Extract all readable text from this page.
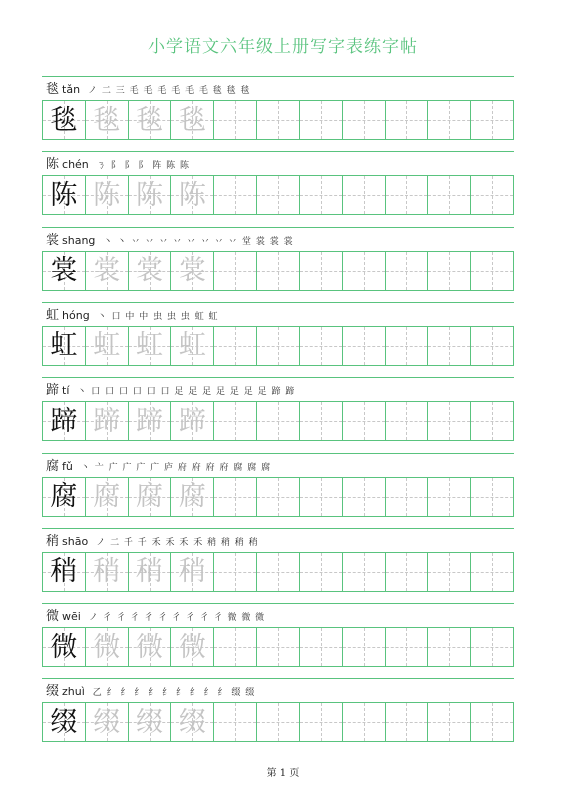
小学语文六年级上册写字表练字帖
毯 tǎn ノ 二 三 毛 毛 毛 毛 毛 毛 毯 毯 毯
毯 毯 毯 毯
陈 chén ㄋ 阝 阝 阝 阵 陈 陈
陈 陈 陈 陈
裳 shang 丶 丶 丷 丷 丷 丷 丷 丷 丷 丷 堂 裳 裳 裳
裳 裳 裳 裳
虹 hóng 丶 口 中 中 虫 虫 虫 虹 虹
虹 虹 虹 虹
蹄 tí 丶 口 口 口 口 口 口 足 足 足 足 足 足 足 蹄 蹄
蹄 蹄 蹄 蹄
腐 fǔ 丶 亠 广 广 广 广 庐 府 府 府 府 腐 腐 腐
腐 腐 腐 腐
稍 shāo ノ 二 千 千 禾 禾 禾 禾 稍 稍 稍 稍
稍 稍 稍 稍
微 wēi ノ 彳 彳 彳 彳 彳 彳 彳 彳 彳 微 微 微
微 微 微 微
缀 zhuì 乙 纟 纟 纟 纟 纟 纟 纟 纟 纟 缀 缀
缀 缀 缀 缀
第 1 页
